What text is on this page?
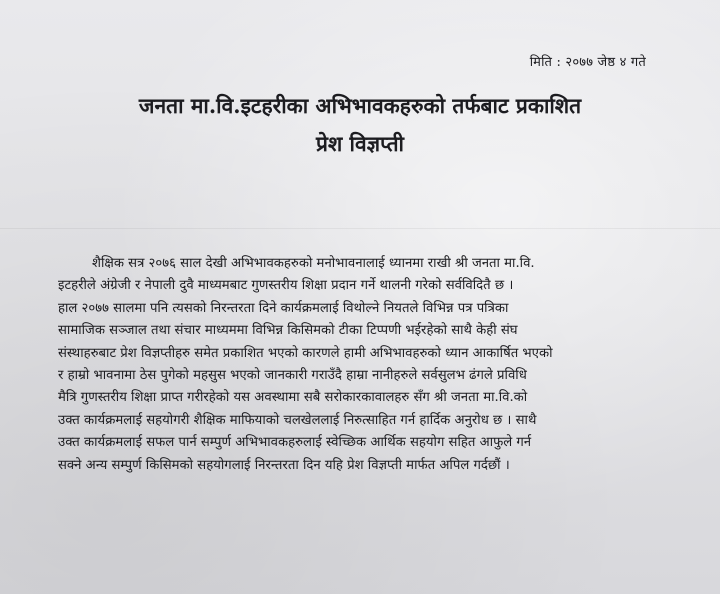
मिति : २०७७ जेष्ठ ४ गते
जनता मा.वि.इटहरीका अभिभावकहरुको तर्फबाट प्रकाशित
प्रेश विज्ञप्ती
शैक्षिक सत्र २०७६ साल देखी अभिभावकहरुको मनोभावनालाई ध्यानमा राखी श्री जनता मा.वि.
इटहरीले अंग्रेजी र नेपाली दुवै माध्यमबाट गुणस्तरीय शिक्षा प्रदान गर्ने थालनी गरेको सर्वविदितै छ ।
हाल २०७७ सालमा पनि त्यसको निरन्तरता दिने कार्यक्रमलाई विथोल्ने नियतले विभिन्न पत्र पत्रिका
सामाजिक सञ्जाल तथा संचार माध्यममा विभिन्न किसिमको टीका टिप्पणी भईरहेको साथै केही संघ
संस्थाहरुबाट प्रेश विज्ञप्तीहरु समेत प्रकाशित भएको कारणले हामी अभिभावहरुको ध्यान आकार्षित भएको
र हाम्रो भावनामा ठेस पुगेको महसुस भएको जानकारी गराउँदै हाम्रा नानीहरुले सर्वसुलभ ढंगले प्रविधि
मैत्रि गुणस्तरीय शिक्षा प्राप्त गरीरहेको यस अवस्थामा सबै सरोकारकावालहरु सँग श्री जनता मा.वि.को
उक्त कार्यक्रमलाई सहयोगरी शैक्षिक माफियाको चलखेललाई निरुत्साहित गर्न हार्दिक अनुरोध छ । साथै
उक्त कार्यक्रमलाई सफल पार्न सम्पुर्ण अभिभावकहरुलाई स्वेच्छिक आर्थिक सहयोग सहित आफुले गर्न
सक्ने अन्य सम्पुर्ण किसिमको सहयोगलाई निरन्तरता दिन यहि प्रेश विज्ञप्ती मार्फत अपिल गर्दछौं ।
